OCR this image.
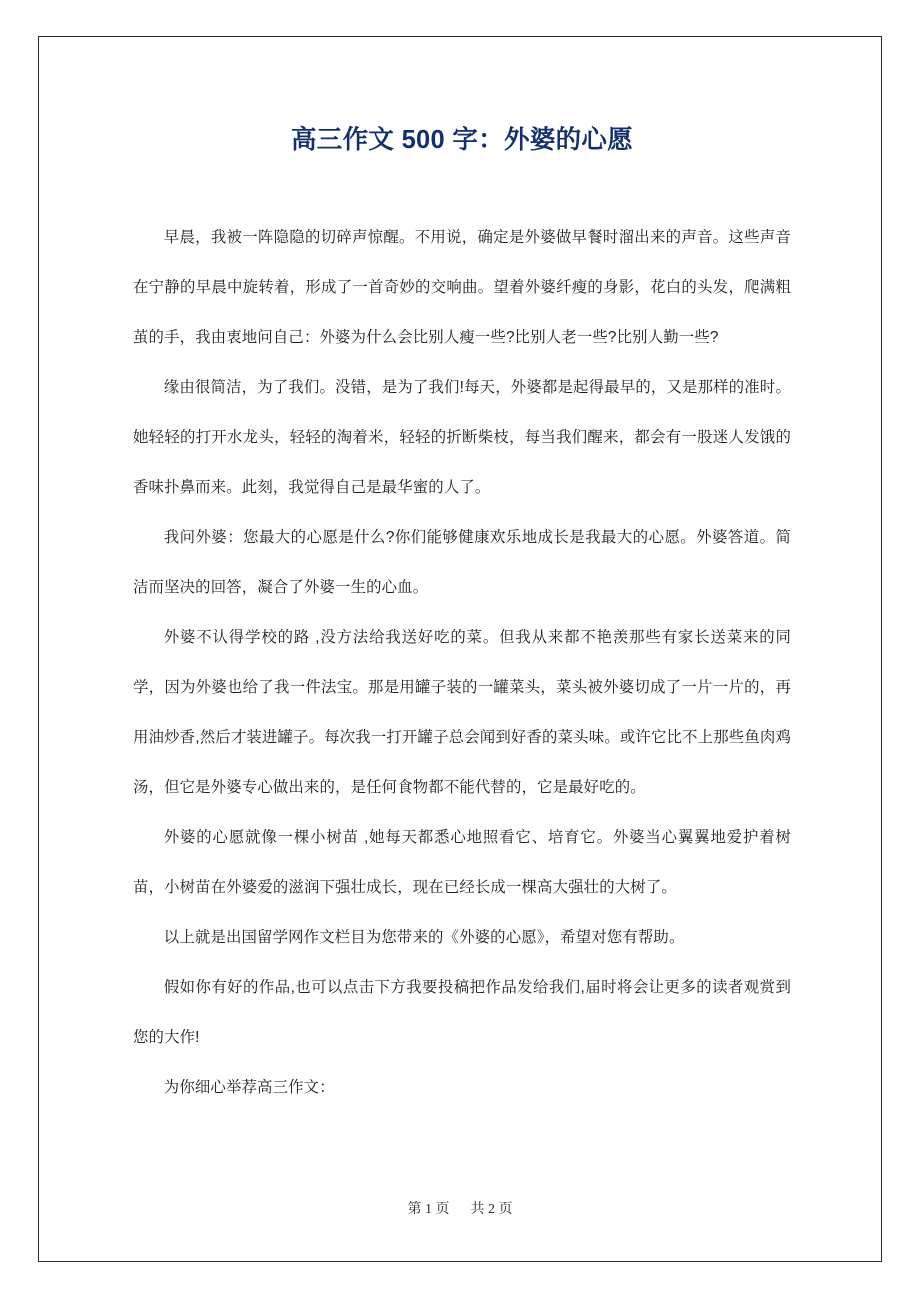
高三作文 500 字：外婆的心愿

早晨，我被一阵隐隐的切碎声惊醒。不用说，确定是外婆做早餐时溜出来的声音。这些声音在宁静的早晨中旋转着，形成了一首奇妙的交响曲。望着外婆纤瘦的身影，花白的头发，爬满粗茧的手，我由衷地问自己：外婆为什么会比别人瘦一些?比别人老一些?比别人勤一些?

缘由很简洁，为了我们。没错，是为了我们!每天，外婆都是起得最早的，又是那样的准时。她轻轻的打开水龙头，轻轻的淘着米，轻轻的折断柴枝，每当我们醒来，都会有一股迷人发饿的香味扑鼻而来。此刻，我觉得自己是最华蜜的人了。

我问外婆：您最大的心愿是什么?你们能够健康欢乐地成长是我最大的心愿。外婆答道。简洁而坚决的回答，凝合了外婆一生的心血。

外婆不认得学校的路 ,没方法给我送好吃的菜。但我从来都不艳羡那些有家长送菜来的同学，因为外婆也给了我一件法宝。那是用罐子装的一罐菜头，菜头被外婆切成了一片一片的，再用油炒香,然后才装进罐子。每次我一打开罐子总会闻到好香的菜头味。或许它比不上那些鱼肉鸡汤，但它是外婆专心做出来的，是任何食物都不能代替的，它是最好吃的。

外婆的心愿就像一棵小树苗 ,她每天都悉心地照看它、培育它。外婆当心翼翼地爱护着树苗，小树苗在外婆爱的滋润下强壮成长，现在已经长成一棵高大强壮的大树了。

以上就是出国留学网作文栏目为您带来的《外婆的心愿》，希望对您有帮助。

假如你有好的作品,也可以点击下方我要投稿把作品发给我们,届时将会让更多的读者观赏到您的大作!

为你细心举荐高三作文：

第 1 页 共 2 页
